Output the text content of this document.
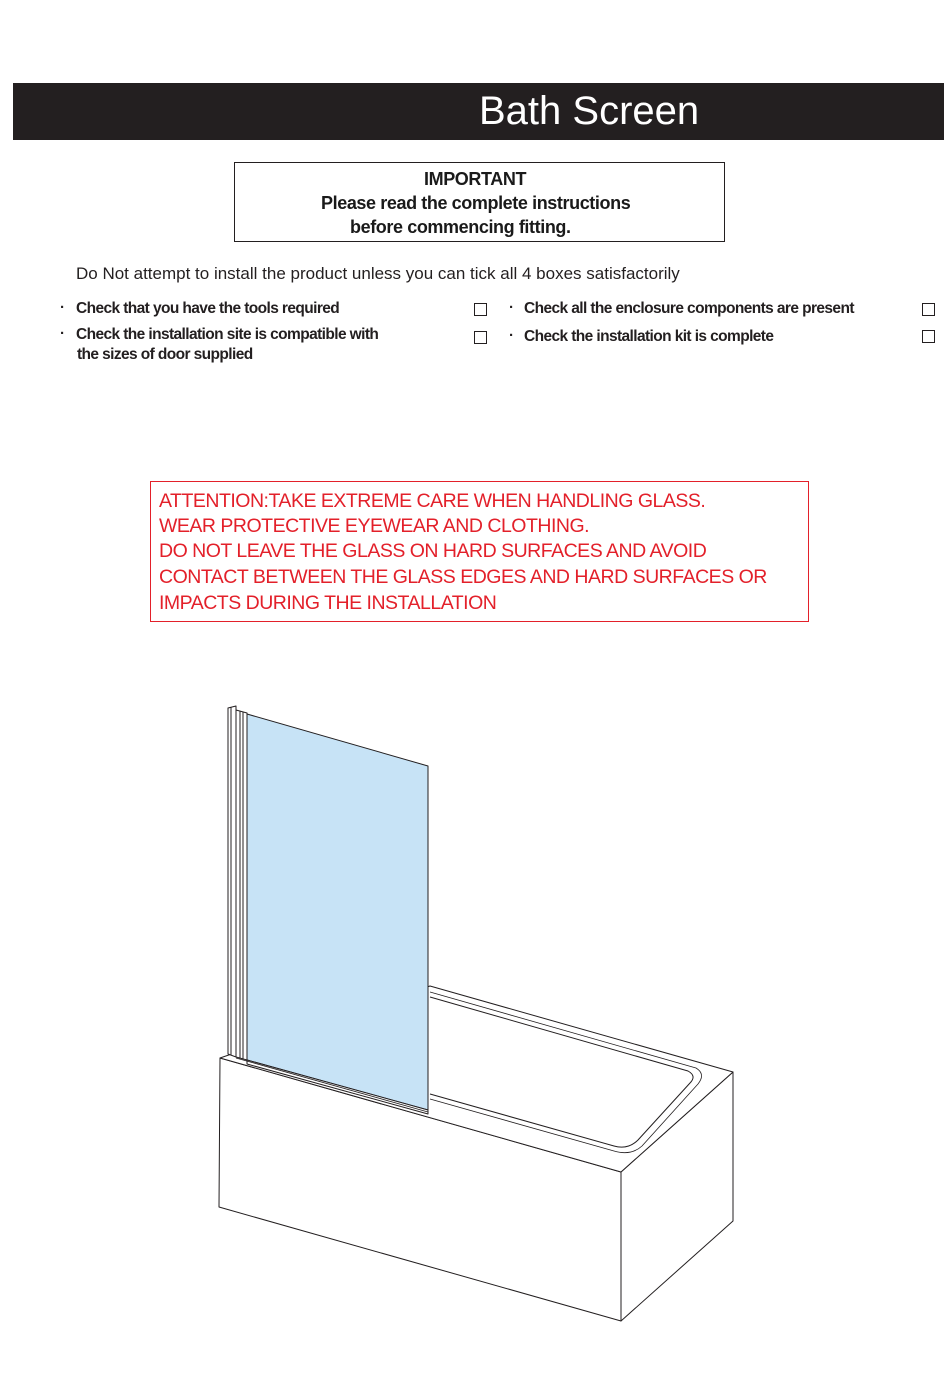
Bath Screen
IMPORTANT
Please read the complete instructions
before commencing fitting.
Do Not attempt to install the product unless you can tick all 4 boxes satisfactorily
· Check that you have the tools required
· Check the installation site is compatible with
the sizes of door supplied
· Check all the enclosure components are present
· Check the installation kit is complete
ATTENTION:TAKE EXTREME CARE WHEN HANDLING GLASS.
WEAR PROTECTIVE EYEWEAR AND CLOTHING.
DO NOT LEAVE THE GLASS ON HARD SURFACES AND AVOID
CONTACT BETWEEN THE GLASS EDGES AND HARD SURFACES OR
IMPACTS DURING THE INSTALLATION
